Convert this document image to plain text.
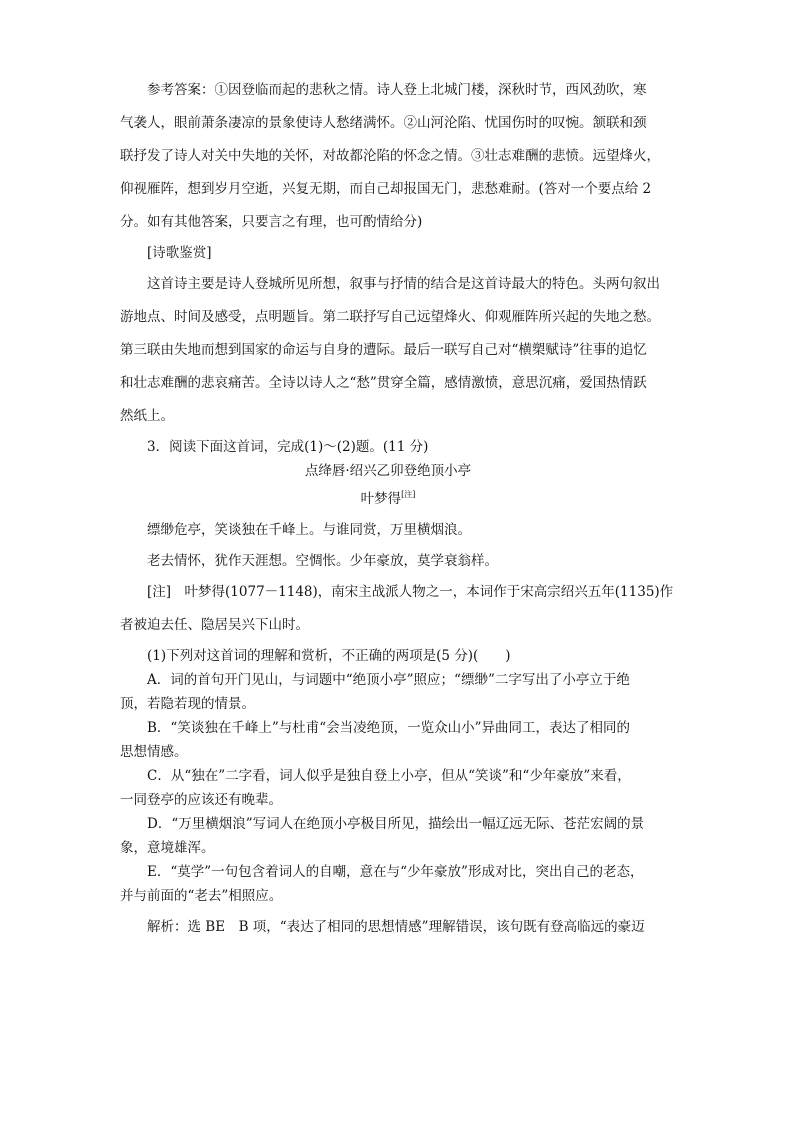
参考答案：①因登临而起的悲秋之情。诗人登上北城门楼，深秋时节，西风劲吹，寒

气袭人，眼前萧条凄凉的景象使诗人愁绪满怀。②山河沦陷、忧国伤时的叹惋。颔联和颈

联抒发了诗人对关中失地的关怀，对故都沦陷的怀念之情。③壮志难酬的悲愤。远望烽火，

仰视雁阵，想到岁月空逝，兴复无期，而自己却报国无门，悲愁难耐。(答对一个要点给 2

分。如有其他答案，只要言之有理，也可酌情给分)

[诗歌鉴赏]

这首诗主要是诗人登城所见所想，叙事与抒情的结合是这首诗最大的特色。头两句叙出

游地点、时间及感受，点明题旨。第二联抒写自己远望烽火、仰观雁阵所兴起的失地之愁。

第三联由失地而想到国家的命运与自身的遭际。最后一联写自己对“横槊赋诗”往事的追忆

和壮志难酬的悲哀痛苦。全诗以诗人之“愁”贯穿全篇，感情激愤，意思沉痛，爱国热情跃

然纸上。

3．阅读下面这首词，完成(1)～(2)题。(11 分)

点绛唇·绍兴乙卯登绝顶小亭

叶梦得[注]

缥缈危亭，笑谈独在千峰上。与谁同赏，万里横烟浪。

老去情怀，犹作天涯想。空惆怅。少年豪放，莫学衰翁样。

[注]　叶梦得(1077－1148)，南宋主战派人物之一，本词作于宋高宗绍兴五年(1135)作

者被迫去任、隐居吴兴下山时。

(1)下列对这首词的理解和赏析，不正确的两项是(5 分)(　　)

A．词的首句开门见山，与词题中“绝顶小亭”照应；“缥缈”二字写出了小亭立于绝

顶，若隐若现的情景。

B．“笑谈独在千峰上”与杜甫“会当凌绝顶，一览众山小”异曲同工，表达了相同的

思想情感。

C．从“独在”二字看，词人似乎是独自登上小亭，但从“笑谈”和“少年豪放”来看，

一同登亭的应该还有晚辈。

D．“万里横烟浪”写词人在绝顶小亭极目所见，描绘出一幅辽远无际、苍茫宏阔的景

象，意境雄浑。

E．“莫学”一句包含着词人的自嘲，意在与“少年豪放”形成对比，突出自己的老态，

并与前面的“老去”相照应。

解析：选 BE　B 项，“表达了相同的思想情感”理解错误，该句既有登高临远的豪迈
